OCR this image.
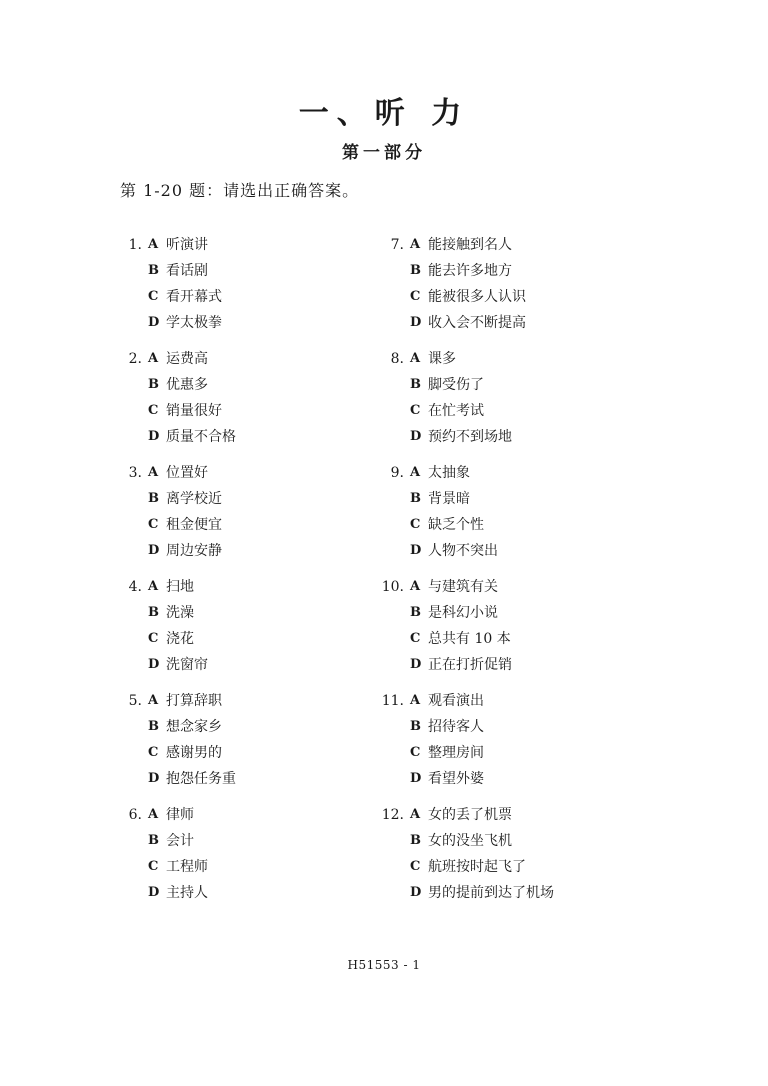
一、听 力
第一部分
第 1-20 题：请选出正确答案。
1. A 听演讲
B 看话剧
C 看开幕式
D 学太极拳
2. A 运费高
B 优惠多
C 销量很好
D 质量不合格
3. A 位置好
B 离学校近
C 租金便宜
D 周边安静
4. A 扫地
B 洗澡
C 浇花
D 洗窗帘
5. A 打算辞职
B 想念家乡
C 感谢男的
D 抱怨任务重
6. A 律师
B 会计
C 工程师
D 主持人
7. A 能接触到名人
B 能去许多地方
C 能被很多人认识
D 收入会不断提高
8. A 课多
B 脚受伤了
C 在忙考试
D 预约不到场地
9. A 太抽象
B 背景暗
C 缺乏个性
D 人物不突出
10. A 与建筑有关
B 是科幻小说
C 总共有 10 本
D 正在打折促销
11. A 观看演出
B 招待客人
C 整理房间
D 看望外婆
12. A 女的丢了机票
B 女的没坐飞机
C 航班按时起飞了
D 男的提前到达了机场
H51553 - 1
